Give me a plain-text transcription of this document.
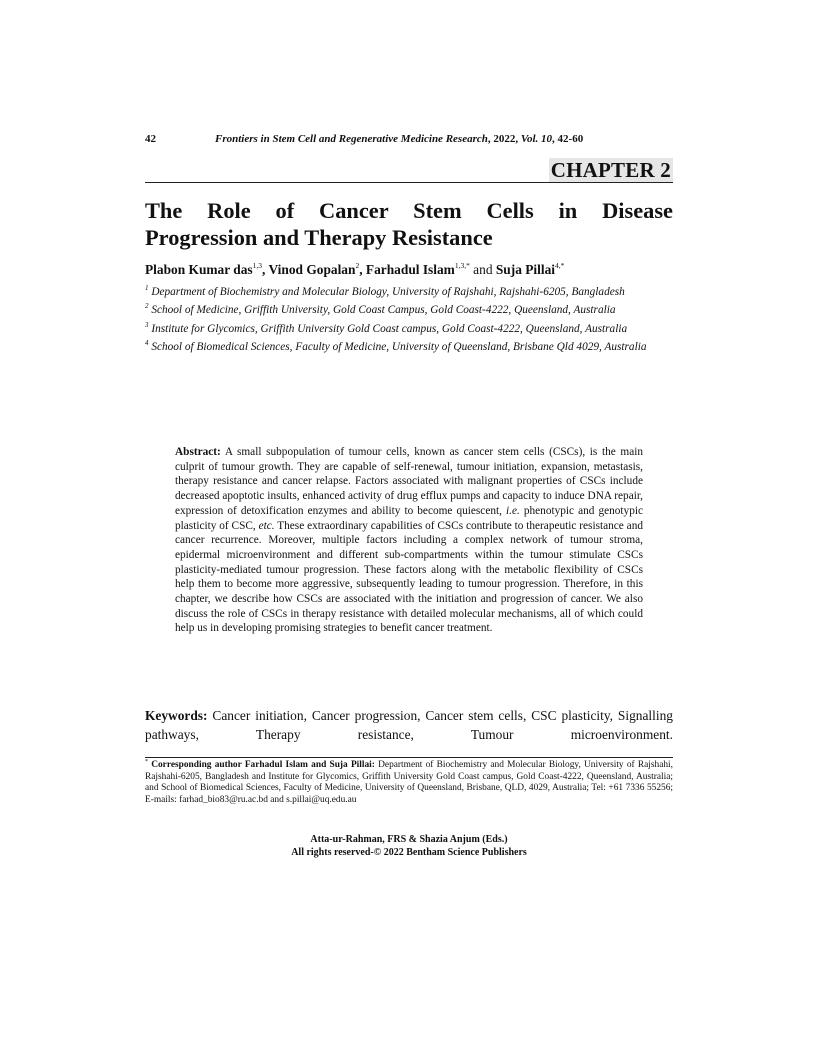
42	Frontiers in Stem Cell and Regenerative Medicine Research, 2022, Vol. 10, 42-60
CHAPTER 2
The Role of Cancer Stem Cells in Disease
Progression and Therapy Resistance
Plabon Kumar das$^{1,3}$, Vinod Gopalan$^2$, Farhadul Islam$^{1,3,*}$ and Suja Pillai$^{4,*}$
$^1$ Department of Biochemistry and Molecular Biology, University of Rajshahi, Rajshahi-6205, Bangladesh
$^2$ School of Medicine, Griffith University, Gold Coast Campus, Gold Coast-4222, Queensland, Australia
$^3$ Institute for Glycomics, Griffith University Gold Coast campus, Gold Coast-4222, Queensland, Australia
$^4$ School of Biomedical Sciences, Faculty of Medicine, University of Queensland, Brisbane Qld 4029, Australia
Abstract: A small subpopulation of tumour cells, known as cancer stem cells (CSCs), is the main culprit of tumour growth. They are capable of self-renewal, tumour initiation, expansion, metastasis, therapy resistance and cancer relapse. Factors associated with malignant properties of CSCs include decreased apoptotic insults, enhanced activity of drug efflux pumps and capacity to induce DNA repair, expression of detoxification enzymes and ability to become quiescent, i.e. phenotypic and genotypic plasticity of CSC, etc. These extraordinary capabilities of CSCs contribute to therapeutic resistance and cancer recurrence. Moreover, multiple factors including a complex network of tumour stroma, epidermal microenvironment and different sub-compartments within the tumour stimulate CSCs plasticity-mediated tumour progression. These factors along with the metabolic flexibility of CSCs help them to become more aggressive, subsequently leading to tumour progression. Therefore, in this chapter, we describe how CSCs are associated with the initiation and progression of cancer. We also discuss the role of CSCs in therapy resistance with detailed molecular mechanisms, all of which could help us in developing promising strategies to benefit cancer treatment.
Keywords: Cancer initiation, Cancer progression, Cancer stem cells, CSC plasticity, Signalling pathways, Therapy resistance, Tumour microenvironment.
* Corresponding author Farhadul Islam and Suja Pillai: Department of Biochemistry and Molecular Biology, University of Rajshahi, Rajshahi-6205, Bangladesh and Institute for Glycomics, Griffith University Gold Coast campus, Gold Coast-4222, Queensland, Australia; and School of Biomedical Sciences, Faculty of Medicine, University of Queensland, Brisbane, QLD, 4029, Australia; Tel: +61 7336 55256; E-mails: farhad_bio83@ru.ac.bd and s.pillai@uq.edu.au
Atta-ur-Rahman, FRS & Shazia Anjum (Eds.)
All rights reserved-© 2022 Bentham Science Publishers
